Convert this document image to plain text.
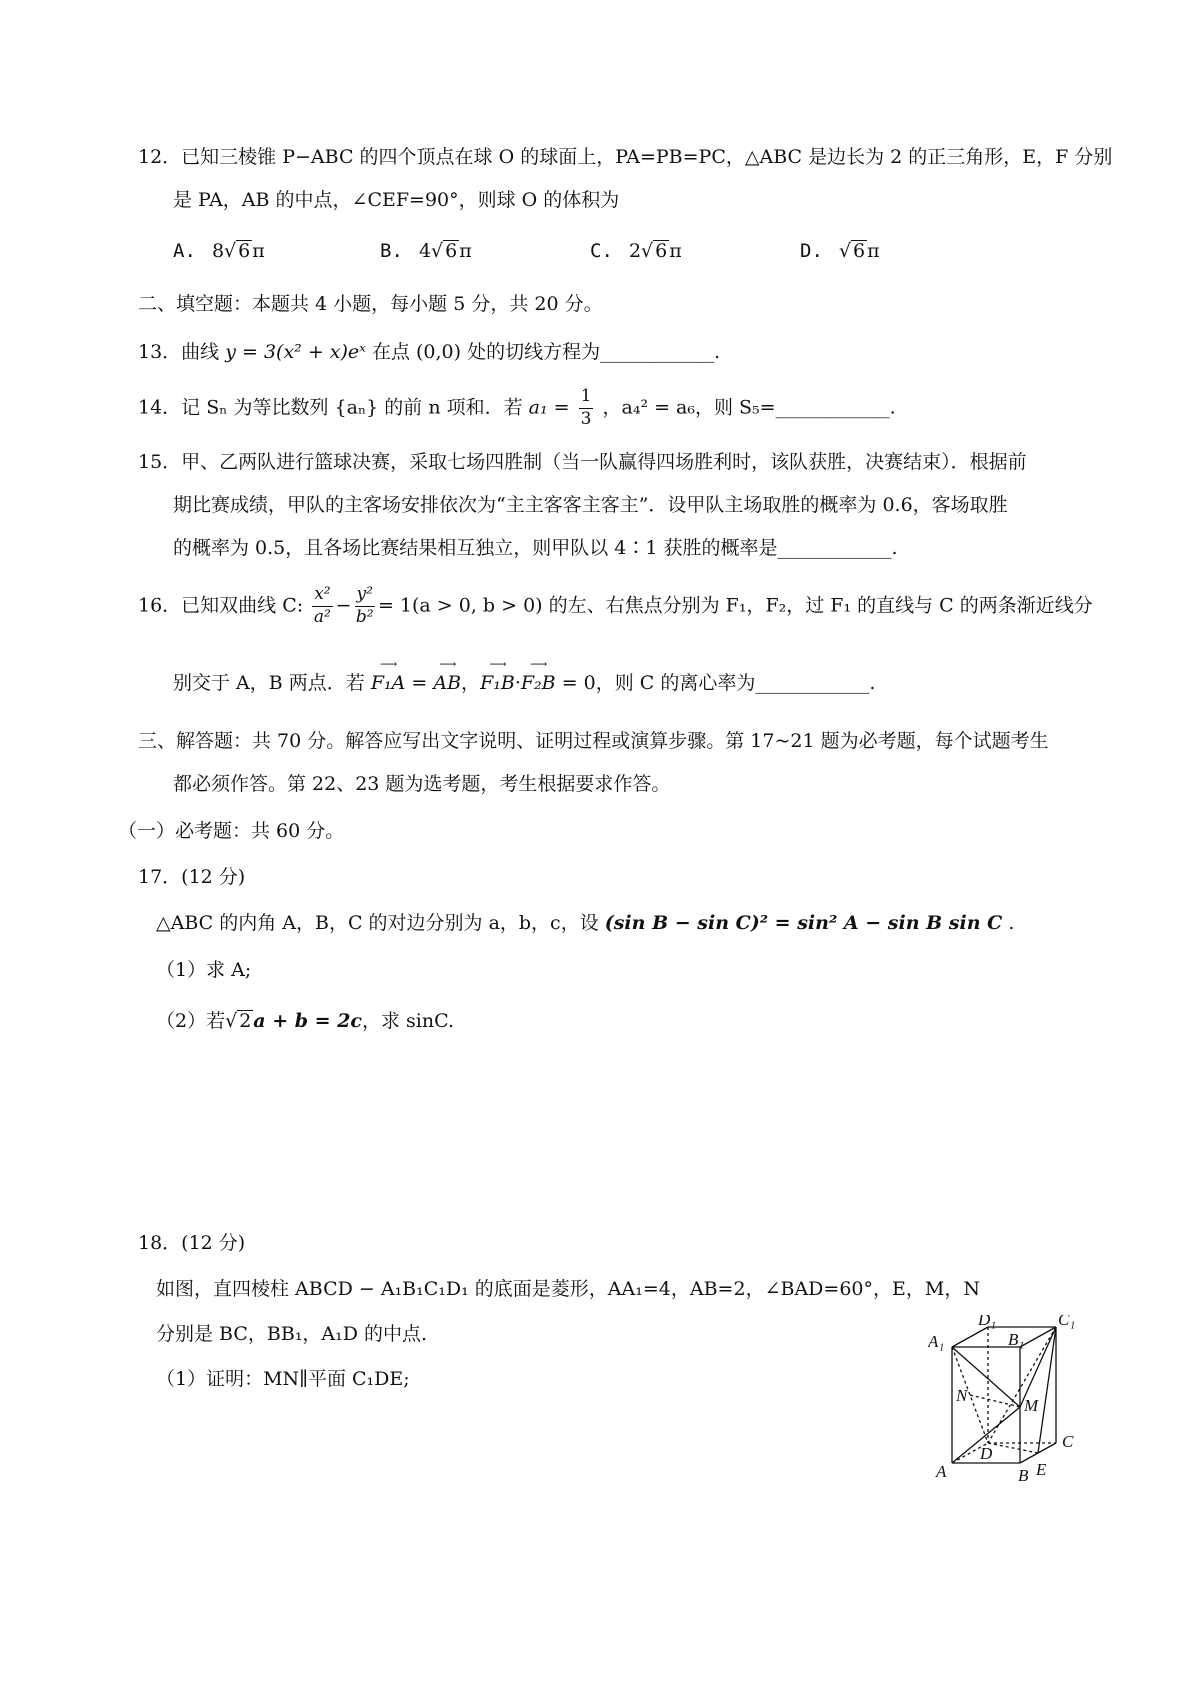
12．已知三棱锥 P−ABC 的四个顶点在球 O 的球面上，PA=PB=PC，△ABC 是边长为 2 的正三角形，E，F 分别
是 PA，AB 的中点，∠CEF=90°，则球 O 的体积为
A. 8√ 6 π	B. 4√ 6 π	C. 2√ 6 π	D. √ 6 π
二、填空题：本题共 4 小题，每小题 5 分，共 20 分。
13．曲线 y = 3(x² + x)eˣ 在点 (0,0) 处的切线方程为____________.
14．记 Sₙ 为等比数列 {aₙ} 的前 n 项和．若 $a_1 = \frac{1}{3}$ ，a₄² = a₆，则 S₅=____________.
15．甲、乙两队进行篮球决赛，采取七场四胜制（当一队赢得四场胜利时，该队获胜，决赛结束）．根据前
期比赛成绩，甲队的主客场安排依次为“主主客客主客主”．设甲队主场取胜的概率为 0.6，客场取胜
的概率为 0.5，且各场比赛结果相互独立，则甲队以 4∶1 获胜的概率是____________.
16．已知双曲线 C: $\frac{\text{x²}}{\text{a²}} - \frac{\text{y²}}{\text{b²}} = 1(a > 0$, b > 0) 的左、右焦点分别为 F₁，F₂，过 F₁ 的直线与 C 的两条渐近线分
别交于 A，B 两点．若 ⟶ F₁A = ⟶ AB，⟶ F₁B·⟶ F₂B = 0，则 C 的离心率为____________.
三、解答题：共 70 分。解答应写出文字说明、证明过程或演算步骤。第 17~21 题为必考题，每个试题考生
都必须作答。第 22、23 题为选考题，考生根据要求作答。
（一）必考题：共 60 分。
17．(12 分)
△ABC 的内角 A，B，C 的对边分别为 a，b，c，设 (sin B − sin C)² = sin² A − sin B sin C .
（1）求 A;
（2）若√ 2 a + b = 2c，求 sinC.
18．(12 分)
如图，直四棱柱 ABCD − A₁B₁C₁D₁ 的底面是菱形，AA₁=4，AB=2，∠BAD=60°，E，M，N
分别是 BC，BB₁，A₁D 的中点.
（1）证明：MN∥平面 C₁DE;
D₁	C₁
A₁	B₁
N
M
D
C
A	B E
